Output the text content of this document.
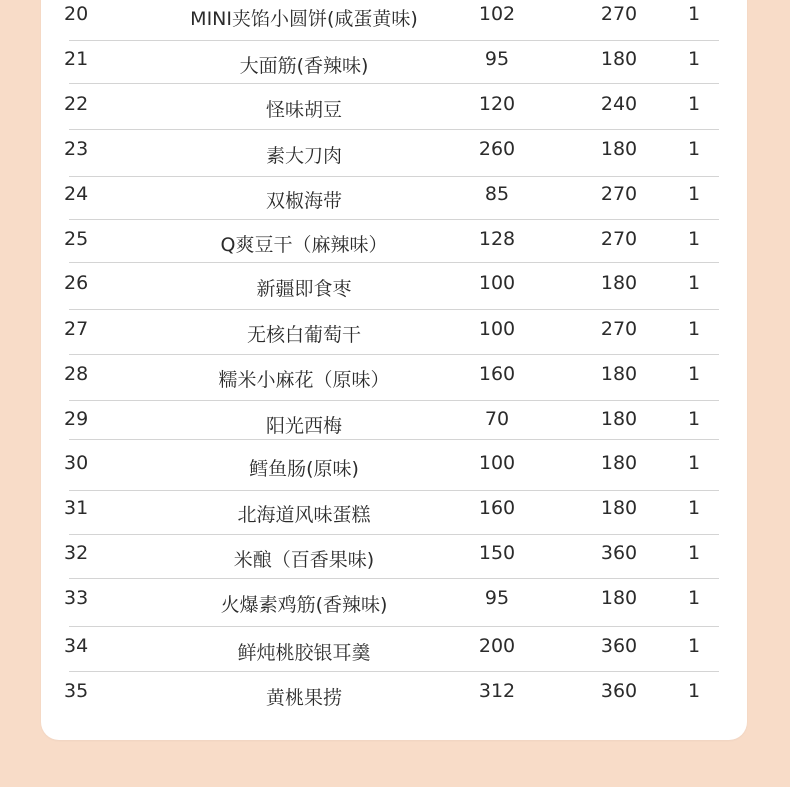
20	MINI夹馅小圆饼(咸蛋黄味)	102	270	1
21	大面筋(香辣味)	95	180	1
22	怪味胡豆	120	240	1
23	素大刀肉	260	180	1
24	双椒海带	85	270	1
25	Q爽豆干（麻辣味）	128	270	1
26	新疆即食枣	100	180	1
27	无核白葡萄干	100	270	1
28	糯米小麻花（原味）	160	180	1
29	阳光西梅	70	180	1
30	鳕鱼肠(原味)	100	180	1
31	北海道风味蛋糕	160	180	1
32	米酿（百香果味)	150	360	1
33	火爆素鸡筋(香辣味)	95	180	1
34	鲜炖桃胶银耳羹	200	360	1
35	黄桃果捞	312	360	1
